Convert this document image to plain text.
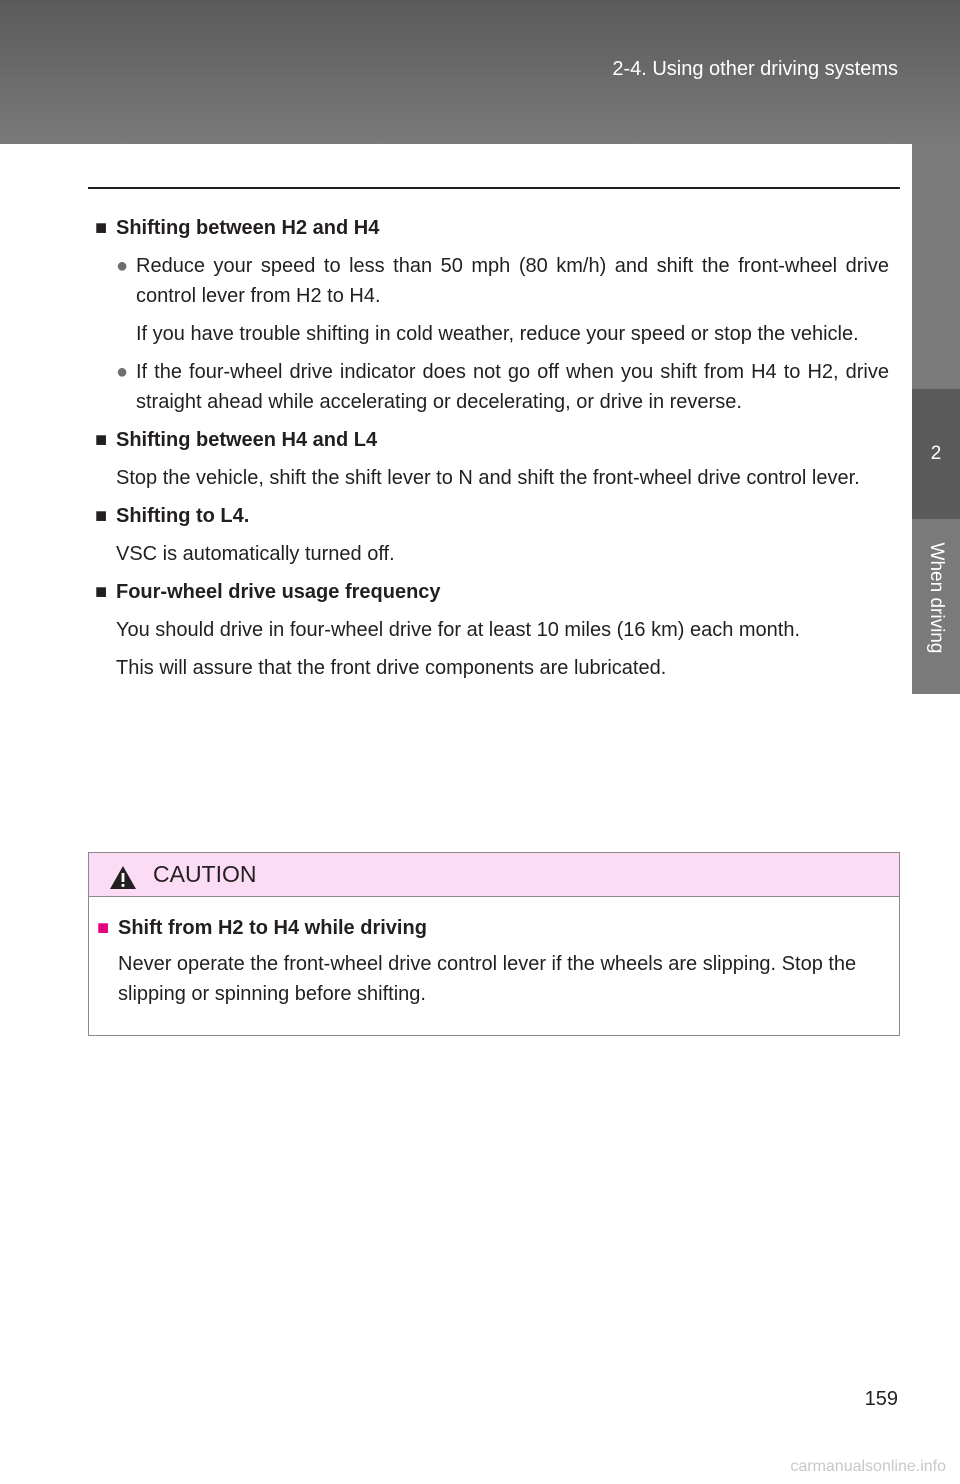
2-4. Using other driving systems
2
When driving
■ Shifting between H2 and H4
● Reduce your speed to less than 50 mph (80 km/h) and shift the front-wheel drive control lever from H2 to H4.
If you have trouble shifting in cold weather, reduce your speed or stop the vehicle.
● If the four-wheel drive indicator does not go off when you shift from H4 to H2, drive straight ahead while accelerating or decelerating, or drive in reverse.
■ Shifting between H4 and L4
Stop the vehicle, shift the shift lever to N and shift the front-wheel drive control lever.
■ Shifting to L4.
VSC is automatically turned off.
■ Four-wheel drive usage frequency
You should drive in four-wheel drive for at least 10 miles (16 km) each month.
This will assure that the front drive components are lubricated.
CAUTION
■ Shift from H2 to H4 while driving
Never operate the front-wheel drive control lever if the wheels are slipping. Stop the slipping or spinning before shifting.
159
carmanualsonline.info
